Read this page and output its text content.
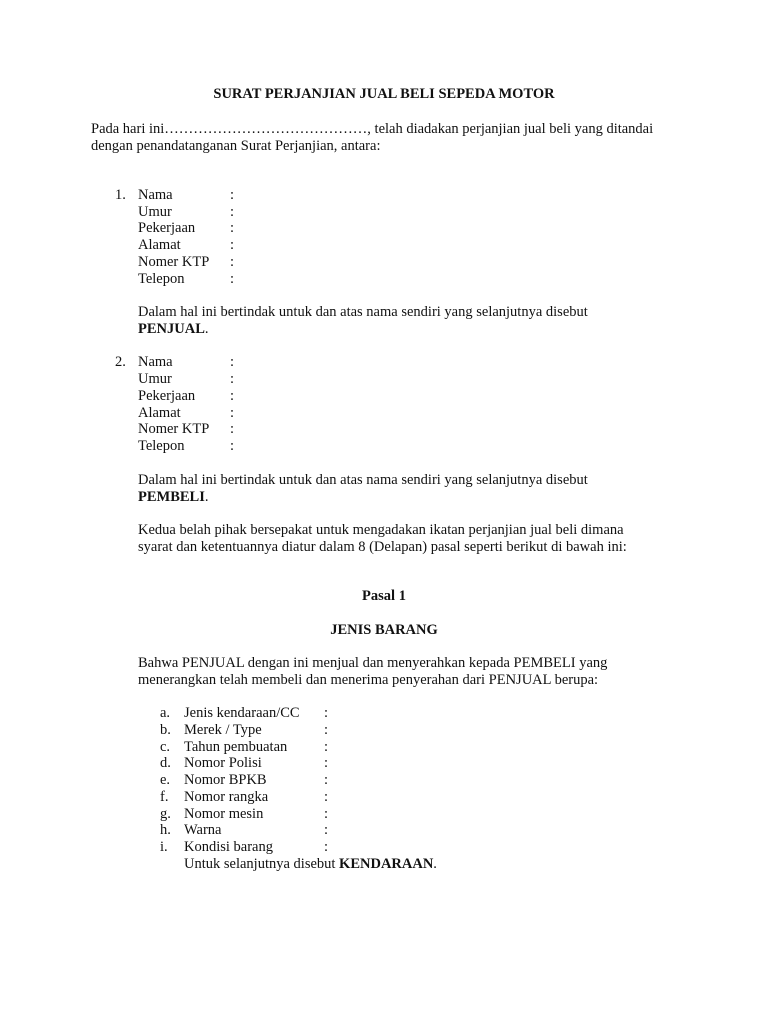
SURAT PERJANJIAN JUAL BELI SEPEDA MOTOR
Pada hari ini……………………………………, telah diadakan perjanjian jual beli yang ditandai
dengan penandatanganan Surat Perjanjian, antara:
1. Nama	:
Umur	:
Pekerjaan :
Alamat	:
Nomer KTP :
Telepon	:
Dalam hal ini bertindak untuk dan atas nama sendiri yang selanjutnya disebut
PENJUAL.
2. Nama	:
Umur	:
Pekerjaan :
Alamat	:
Nomer KTP :
Telepon	:
Dalam hal ini bertindak untuk dan atas nama sendiri yang selanjutnya disebut
PEMBELI.
Kedua belah pihak bersepakat untuk mengadakan ikatan perjanjian jual beli dimana
syarat dan ketentuannya diatur dalam 8 (Delapan) pasal seperti berikut di bawah ini:
Pasal 1
JENIS BARANG
Bahwa PENJUAL dengan ini menjual dan menyerahkan kepada PEMBELI yang
menerangkan telah membeli dan menerima penyerahan dari PENJUAL berupa:
a. Jenis kendaraan/CC :
b. Merek / Type	:
c. Tahun pembuatan	:
d. Nomor Polisi	:
e. Nomor BPKB	:
f. Nomor rangka	:
g. Nomor mesin	:
h. Warna	:
i. Kondisi barang	:
Untuk selanjutnya disebut KENDARAAN.
